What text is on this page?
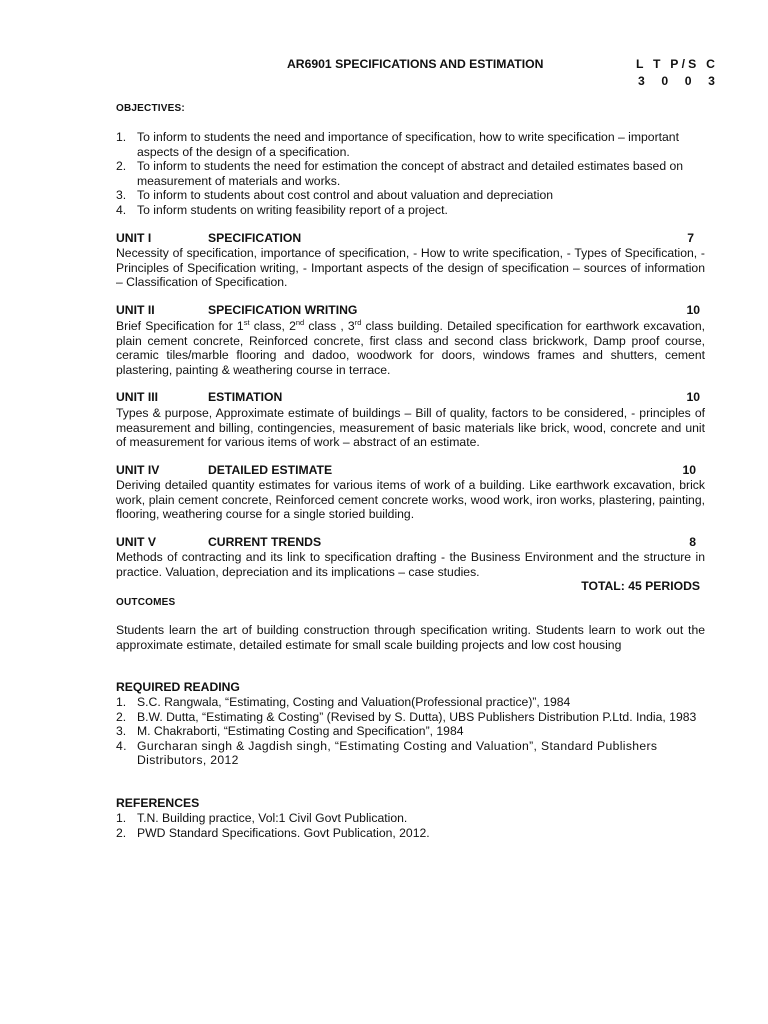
AR6901 SPECIFICATIONS AND ESTIMATION	L T P/S C
3 0 0 3
OBJECTIVES:
1. To inform to students the need and importance of specification, how to write specification – important aspects of the design of a specification.
2. To inform to students the need for estimation the concept of abstract and detailed estimates based on measurement of materials and works.
3. To inform to students about cost control and about valuation and depreciation
4. To inform students on writing feasibility report of a project.
UNIT I	SPECIFICATION	7
Necessity of specification, importance of specification, - How to write specification, - Types of Specification, -Principles of Specification writing, - Important aspects of the design of specification – sources of information – Classification of Specification.
UNIT II	SPECIFICATION WRITING	10
Brief Specification for 1st class, 2nd class , 3rd class building. Detailed specification for earthwork excavation, plain cement concrete, Reinforced concrete, first class and second class brickwork, Damp proof course, ceramic tiles/marble flooring and dadoo, woodwork for doors, windows frames and shutters, cement plastering, painting & weathering course in terrace.
UNIT III	ESTIMATION	10
Types & purpose, Approximate estimate of buildings – Bill of quality, factors to be considered, - principles of measurement and billing, contingencies, measurement of basic materials like brick, wood, concrete and unit of measurement for various items of work – abstract of an estimate.
UNIT IV	DETAILED ESTIMATE	10
Deriving detailed quantity estimates for various items of work of a building. Like earthwork excavation, brick work, plain cement concrete, Reinforced cement concrete works, wood work, iron works, plastering, painting, flooring, weathering course for a single storied building.
UNIT V	CURRENT TRENDS	8
Methods of contracting and its link to specification drafting - the Business Environment and the structure in practice. Valuation, depreciation and its implications – case studies.
TOTAL: 45 PERIODS
OUTCOMES
Students learn the art of building construction through specification writing. Students learn to work out the approximate estimate, detailed estimate for small scale building projects and low cost housing
REQUIRED READING
1. S.C. Rangwala, “Estimating, Costing and Valuation(Professional practice)”, 1984
2. B.W. Dutta, “Estimating & Costing” (Revised by S. Dutta), UBS Publishers Distribution P.Ltd. India, 1983
3. M. Chakraborti, “Estimating Costing and Specification”, 1984
4. Gurcharan singh & Jagdish singh, “Estimating Costing and Valuation”, Standard Publishers Distributors, 2012
REFERENCES
1. T.N. Building practice, Vol:1 Civil Govt Publication.
2. PWD Standard Specifications. Govt Publication, 2012.
